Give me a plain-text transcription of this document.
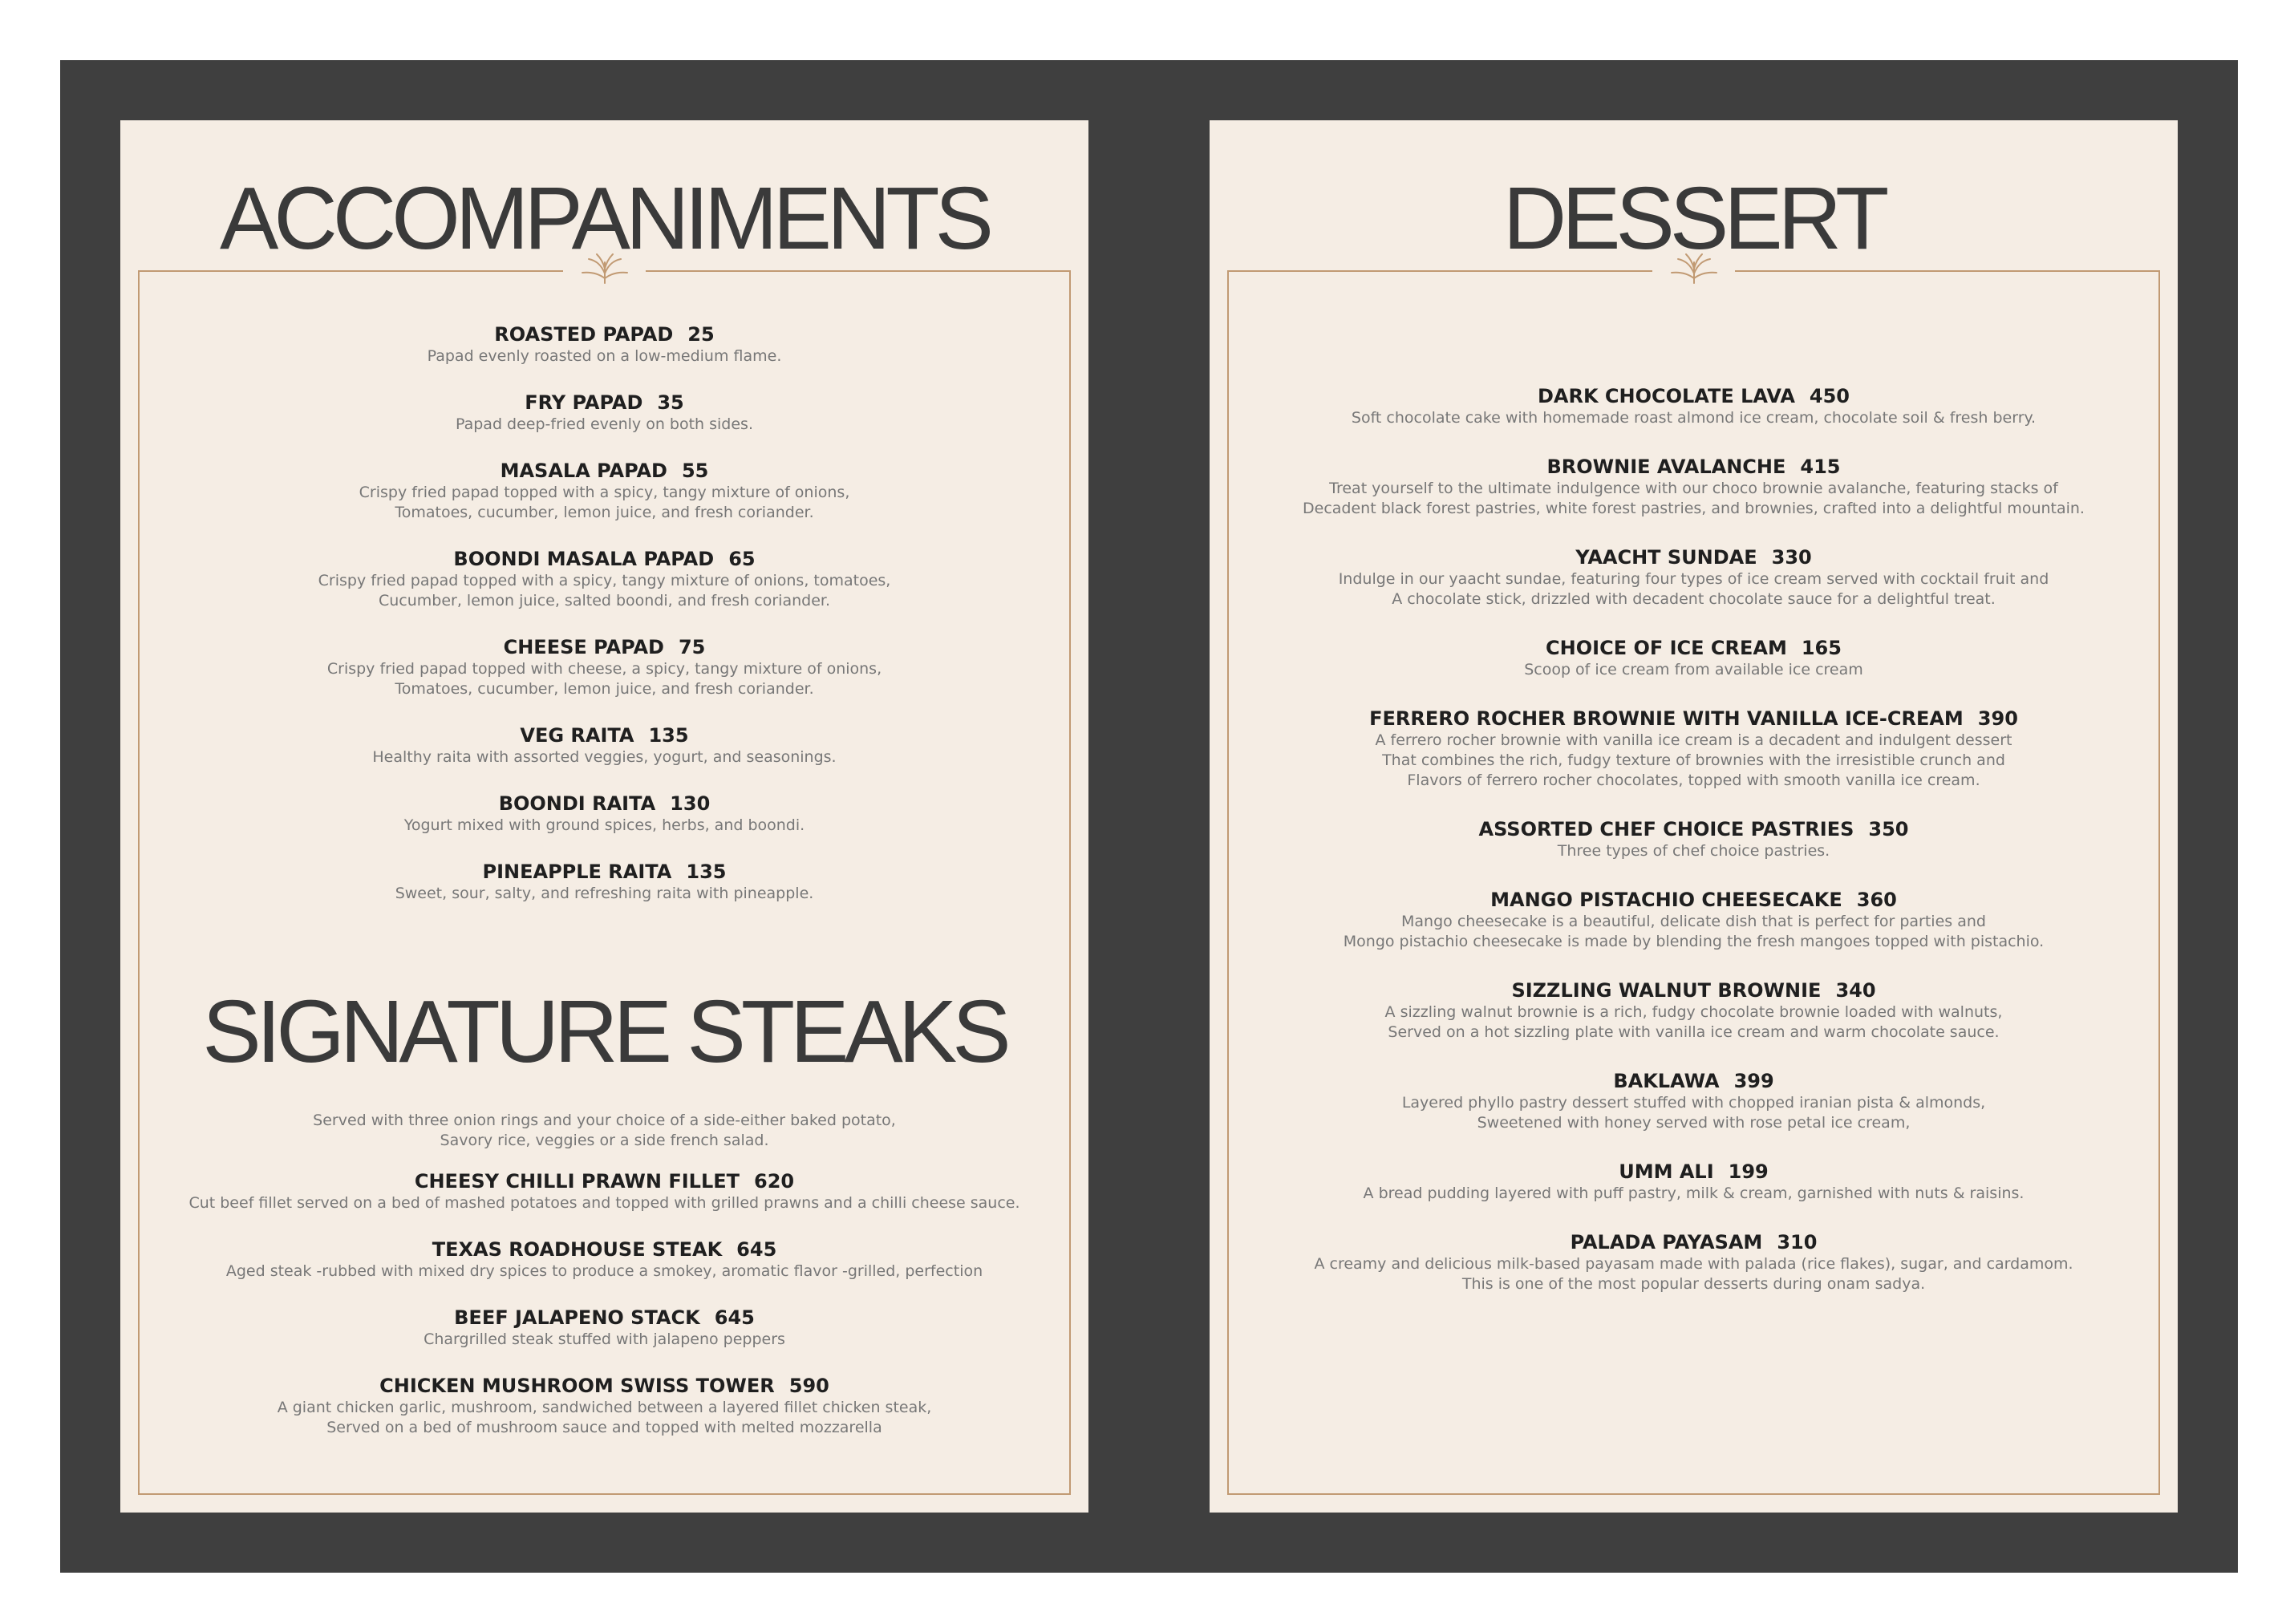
ACCOMPANIMENTS
ROASTED PAPAD 25
Papad evenly roasted on a low-medium flame.
FRY PAPAD 35
Papad deep-fried evenly on both sides.
MASALA PAPAD 55
Crispy fried papad topped with a spicy, tangy mixture of onions,
Tomatoes, cucumber, lemon juice, and fresh coriander.
BOONDI MASALA PAPAD 65
Crispy fried papad topped with a spicy, tangy mixture of onions, tomatoes,
Cucumber, lemon juice, salted boondi, and fresh coriander.
CHEESE PAPAD 75
Crispy fried papad topped with cheese, a spicy, tangy mixture of onions,
Tomatoes, cucumber, lemon juice, and fresh coriander.
VEG RAITA 135
Healthy raita with assorted veggies, yogurt, and seasonings.
BOONDI RAITA 130
Yogurt mixed with ground spices, herbs, and boondi.
PINEAPPLE RAITA 135
Sweet, sour, salty, and refreshing raita with pineapple.
SIGNATURE STEAKS
Served with three onion rings and your choice of a side-either baked potato,
Savory rice, veggies or a side french salad.
CHEESY CHILLI PRAWN FILLET 620
Cut beef fillet served on a bed of mashed potatoes and topped with grilled prawns and a chilli cheese sauce.
TEXAS ROADHOUSE STEAK 645
Aged steak -rubbed with mixed dry spices to produce a smokey, aromatic flavor -grilled, perfection
BEEF JALAPENO STACK 645
Chargrilled steak stuffed with jalapeno peppers
CHICKEN MUSHROOM SWISS TOWER 590
A giant chicken garlic, mushroom, sandwiched between a layered fillet chicken steak,
Served on a bed of mushroom sauce and topped with melted mozzarella
DESSERT
DARK CHOCOLATE LAVA 450
Soft chocolate cake with homemade roast almond ice cream, chocolate soil & fresh berry.
BROWNIE AVALANCHE 415
Treat yourself to the ultimate indulgence with our choco brownie avalanche, featuring stacks of
Decadent black forest pastries, white forest pastries, and brownies, crafted into a delightful mountain.
YAACHT SUNDAE 330
Indulge in our yaacht sundae, featuring four types of ice cream served with cocktail fruit and
A chocolate stick, drizzled with decadent chocolate sauce for a delightful treat.
CHOICE OF ICE CREAM 165
Scoop of ice cream from available ice cream
FERRERO ROCHER BROWNIE WITH VANILLA ICE-CREAM 390
A ferrero rocher brownie with vanilla ice cream is a decadent and indulgent dessert
That combines the rich, fudgy texture of brownies with the irresistible crunch and
Flavors of ferrero rocher chocolates, topped with smooth vanilla ice cream.
ASSORTED CHEF CHOICE PASTRIES 350
Three types of chef choice pastries.
MANGO PISTACHIO CHEESECAKE 360
Mango cheesecake is a beautiful, delicate dish that is perfect for parties and
Mongo pistachio cheesecake is made by blending the fresh mangoes topped with pistachio.
SIZZLING WALNUT BROWNIE 340
A sizzling walnut brownie is a rich, fudgy chocolate brownie loaded with walnuts,
Served on a hot sizzling plate with vanilla ice cream and warm chocolate sauce.
BAKLAWA 399
Layered phyllo pastry dessert stuffed with chopped iranian pista & almonds,
Sweetened with honey served with rose petal ice cream,
UMM ALI 199
A bread pudding layered with puff pastry, milk & cream, garnished with nuts & raisins.
PALADA PAYASAM 310
A creamy and delicious milk-based payasam made with palada (rice flakes), sugar, and cardamom.
This is one of the most popular desserts during onam sadya.
